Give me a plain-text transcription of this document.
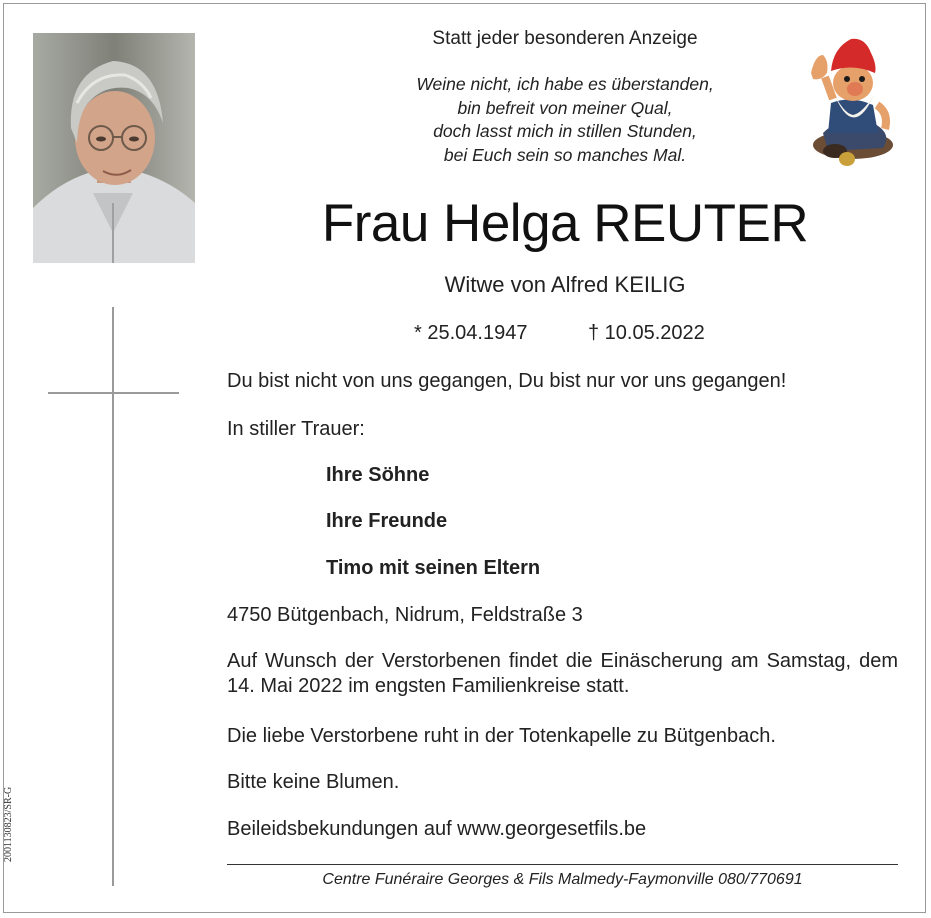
Statt jeder besonderen Anzeige
Weine nicht, ich habe es überstanden,
bin befreit von meiner Qual,
doch lasst mich in stillen Stunden,
bei Euch sein so manches Mal.
Frau Helga REUTER
Witwe von Alfred KEILIG
* 25.04.1947	† 10.05.2022
Du bist nicht von uns gegangen, Du bist nur vor uns gegangen!
In stiller Trauer:
Ihre Söhne
Ihre Freunde
Timo mit seinen Eltern
4750 Bütgenbach, Nidrum, Feldstraße 3
Auf Wunsch der Verstorbenen findet die Einäscherung am Samstag, dem 14. Mai 2022 im engsten Familienkreise statt.
Die liebe Verstorbene ruht in der Totenkapelle zu Bütgenbach.
Bitte keine Blumen.
Beileidsbekundungen auf www.georgesetfils.be
Centre Funéraire Georges & Fils Malmedy-Faymonville 080/770691
2001130823/SR-G
